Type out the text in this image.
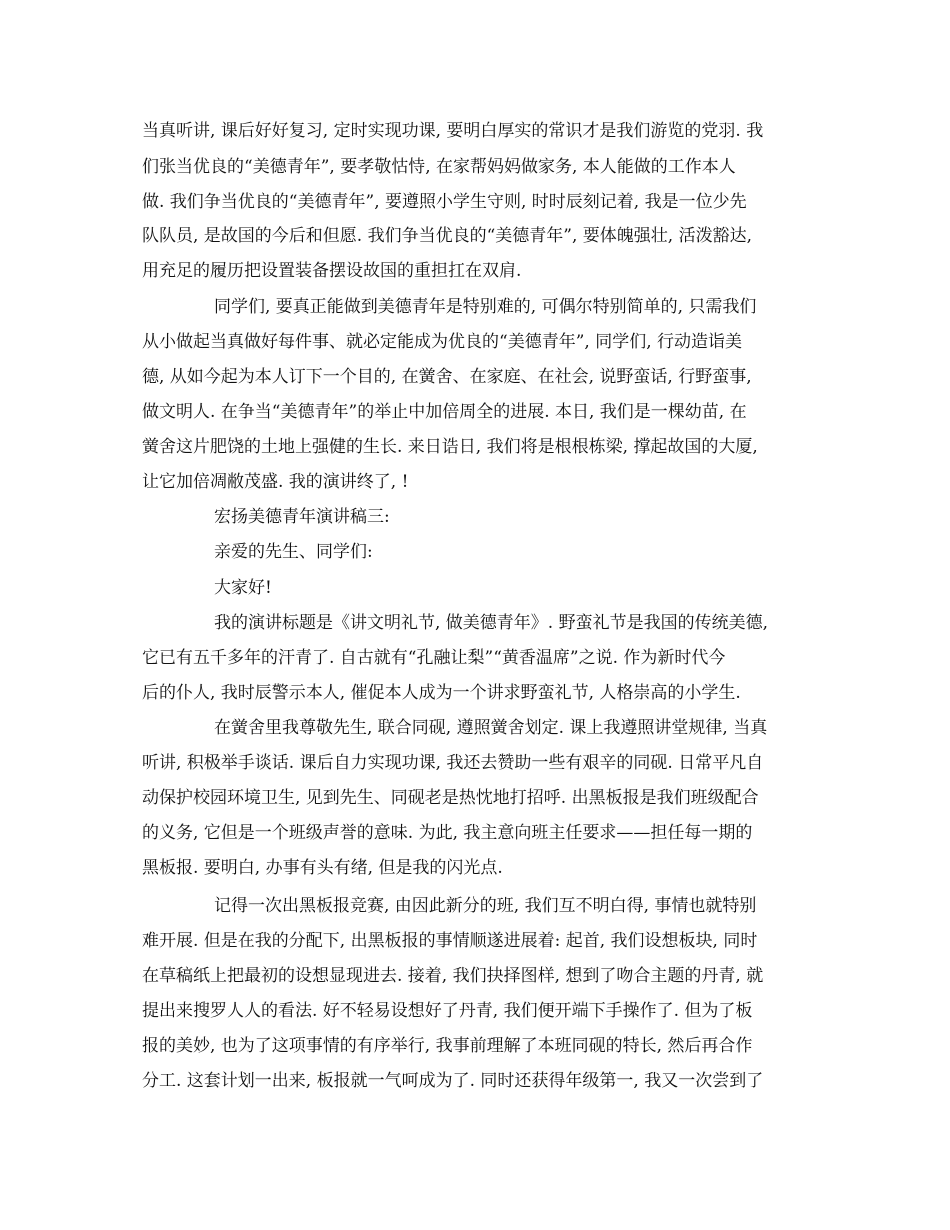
当真听讲, 课后好好复习, 定时实现功课, 要明白厚实的常识才是我们游览的党羽. 我
们张当优良的“美德青年”, 要孝敬怙恃, 在家帮妈妈做家务, 本人能做的工作本人
做. 我们争当优良的“美德青年”, 要遵照小学生守则, 时时辰刻记着, 我是一位少先
队队员, 是故国的今后和但愿. 我们争当优良的“美德青年”, 要体魄强壮, 活泼豁达,
用充足的履历把设置装备摆设故国的重担扛在双肩.
同学们, 要真正能做到美德青年是特别难的, 可偶尔特别简单的, 只需我们
从小做起当真做好每件事、就必定能成为优良的“美德青年”, 同学们, 行动造诣美
德, 从如今起为本人订下一个目的, 在黉舍、在家庭、在社会, 说野蛮话, 行野蛮事,
做文明人. 在争当“美德青年”的举止中加倍周全的进展. 本日, 我们是一棵幼苗, 在
黉舍这片肥饶的土地上强健的生长. 来日诰日, 我们将是根根栋梁, 撑起故国的大厦,
让它加倍凋敝茂盛. 我的演讲终了, !
宏扬美德青年演讲稿三:
亲爱的先生、同学们:
大家好!
我的演讲标题是《讲文明礼节, 做美德青年》. 野蛮礼节是我国的传统美德,
它已有五千多年的汗青了. 自古就有“孔融让梨”“黄香温席”之说. 作为新时代今
后的仆人, 我时辰警示本人, 催促本人成为一个讲求野蛮礼节, 人格崇高的小学生.
在黉舍里我尊敬先生, 联合同砚, 遵照黉舍划定. 课上我遵照讲堂规律, 当真
听讲, 积极举手谈话. 课后自力实现功课, 我还去赞助一些有艰辛的同砚. 日常平凡自
动保护校园环境卫生, 见到先生、同砚老是热忱地打招呼. 出黑板报是我们班级配合
的义务, 它但是一个班级声誉的意味. 为此, 我主意向班主任要求——担任每一期的
黑板报. 要明白, 办事有头有绪, 但是我的闪光点.
记得一次出黑板报竞赛, 由因此新分的班, 我们互不明白得, 事情也就特别
难开展. 但是在我的分配下, 出黑板报的事情顺遂进展着: 起首, 我们设想板块, 同时
在草稿纸上把最初的设想显现进去. 接着, 我们抉择图样, 想到了吻合主题的丹青, 就
提出来搜罗人人的看法. 好不轻易设想好了丹青, 我们便开端下手操作了. 但为了板
报的美妙, 也为了这项事情的有序举行, 我事前理解了本班同砚的特长, 然后再合作
分工. 这套计划一出来, 板报就一气呵成为了. 同时还获得年级第一, 我又一次尝到了
